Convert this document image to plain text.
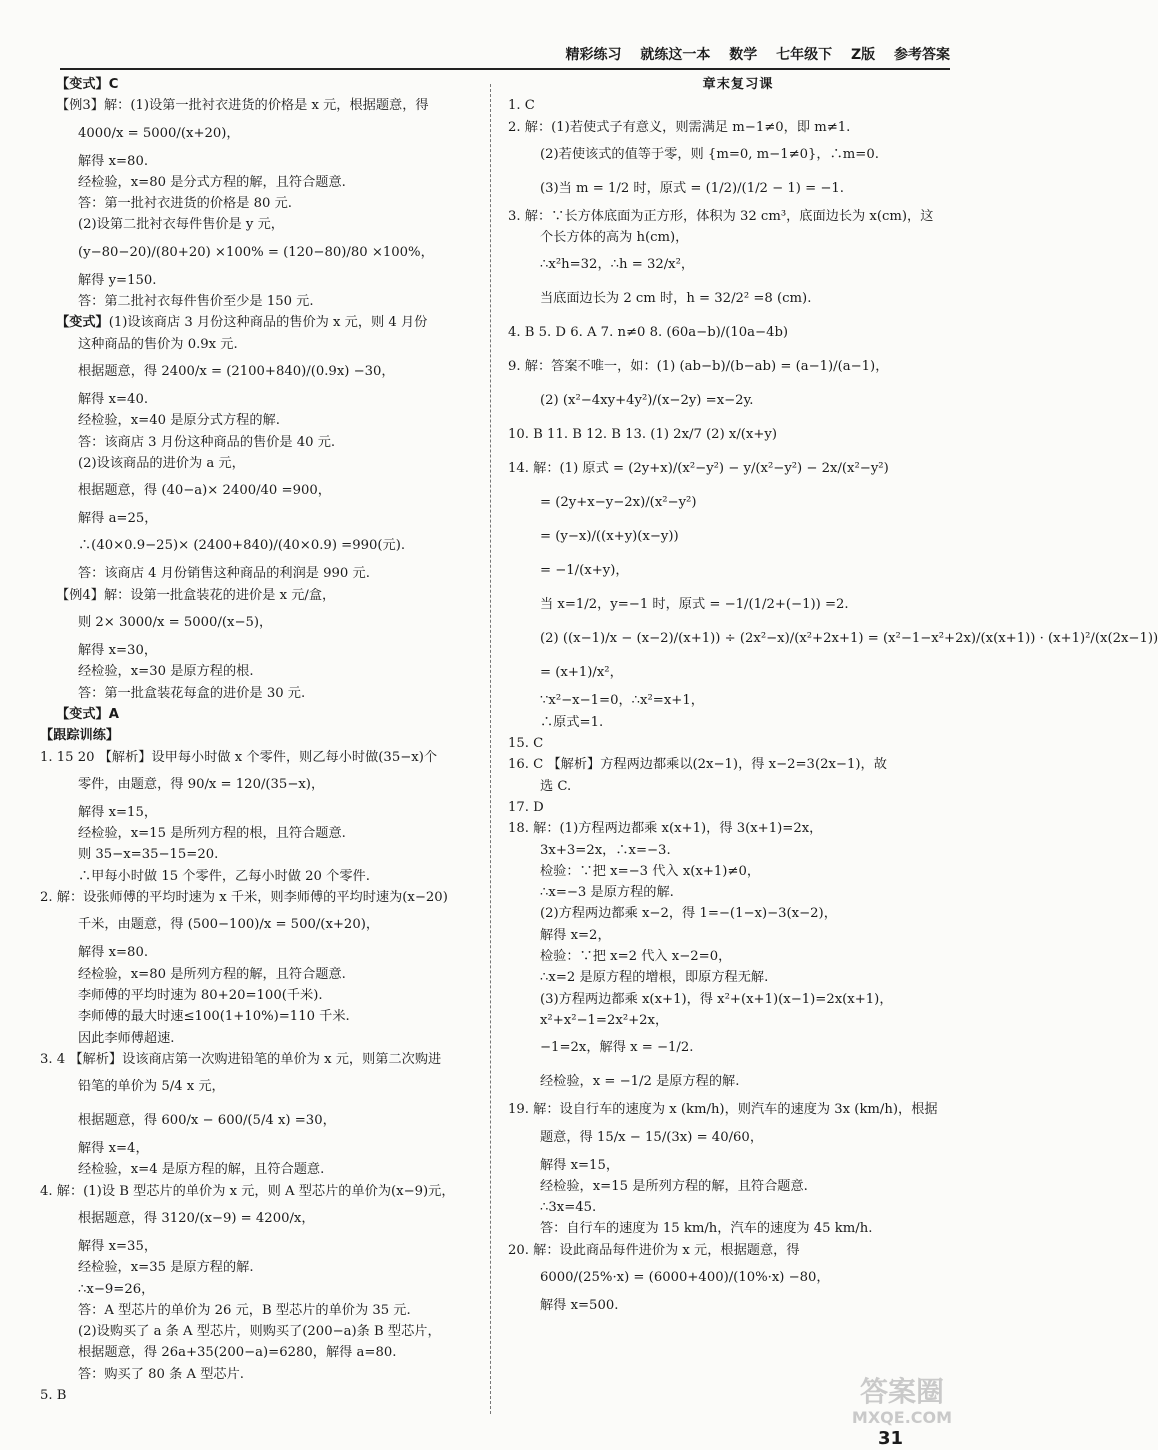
精彩练习 就练这一本 数学 七年级下 Z版 参考答案
【变式】C
【例3】解：(1)设第一批衬衣进货的价格是 x 元，根据题意，得
4000/x = 5000/(x+20)，
解得 x=80.
经检验，x=80 是分式方程的解，且符合题意.
答：第一批衬衣进货的价格是 80 元.
(2)设第二批衬衣每件售价是 y 元，
(y−80−20)/(80+20) ×100% = (120−80)/80 ×100%，
解得 y=150.
答：第二批衬衣每件售价至少是 150 元.
【变式】(1)设该商店 3 月份这种商品的售价为 x 元，则 4 月份
这种商品的售价为 0.9x 元.
根据题意，得 2400/x = (2100+840)/(0.9x) −30，
解得 x=40.
经检验，x=40 是原分式方程的解.
答：该商店 3 月份这种商品的售价是 40 元.
(2)设该商品的进价为 a 元，
根据题意，得 (40−a)× 2400/40 =900，
解得 a=25，
∴(40×0.9−25)× (2400+840)/(40×0.9) =990(元).
答：该商店 4 月份销售这种商品的利润是 990 元.
【例4】解：设第一批盒装花的进价是 x 元/盒，
则 2× 3000/x = 5000/(x−5)，
解得 x=30，
经检验，x=30 是原方程的根.
答：第一批盒装花每盒的进价是 30 元.
【变式】A
【跟踪训练】
1. 15 20 【解析】设甲每小时做 x 个零件，则乙每小时做(35−x)个
零件，由题意，得 90/x = 120/(35−x)，
解得 x=15，
经检验，x=15 是所列方程的根，且符合题意.
则 35−x=35−15=20.
∴甲每小时做 15 个零件，乙每小时做 20 个零件.
2. 解：设张师傅的平均时速为 x 千米，则李师傅的平均时速为(x−20)
千米，由题意，得 (500−100)/x = 500/(x+20)，
解得 x=80.
经检验，x=80 是所列方程的解，且符合题意.
李师傅的平均时速为 80+20=100(千米).
李师傅的最大时速≤100(1+10%)=110 千米.
因此李师傅超速.
3. 4 【解析】设该商店第一次购进铅笔的单价为 x 元，则第二次购进
铅笔的单价为 5/4 x 元，
根据题意，得 600/x − 600/(5/4 x) =30，
解得 x=4，
经检验，x=4 是原方程的解，且符合题意.
4. 解：(1)设 B 型芯片的单价为 x 元，则 A 型芯片的单价为(x−9)元，
根据题意，得 3120/(x−9) = 4200/x，
解得 x=35，
经检验，x=35 是原方程的解.
∴x−9=26，
答：A 型芯片的单价为 26 元，B 型芯片的单价为 35 元.
(2)设购买了 a 条 A 型芯片，则购买了(200−a)条 B 型芯片，
根据题意，得 26a+35(200−a)=6280，解得 a=80.
答：购买了 80 条 A 型芯片.
5. B
章末复习课
1. C
2. 解：(1)若使式子有意义，则需满足 m−1≠0，即 m≠1.
(2)若使该式的值等于零，则 {m=0, m−1≠0}，∴m=0.
(3)当 m = 1/2 时，原式 = (1/2)/(1/2 − 1) = −1.
3. 解：∵长方体底面为正方形，体积为 32 cm³，底面边长为 x(cm)，这
个长方体的高为 h(cm)，
∴x²h=32，∴h = 32/x²，
当底面边长为 2 cm 时，h = 32/2² =8 (cm).
4. B 5. D 6. A 7. n≠0 8. (60a−b)/(10a−4b)
9. 解：答案不唯一，如：(1) (ab−b)/(b−ab) = (a−1)/(a−1)，
(2) (x²−4xy+4y²)/(x−2y) =x−2y.
10. B 11. B 12. B 13. (1) 2x/7 (2) x/(x+y)
14. 解：(1) 原式 = (2y+x)/(x²−y²) − y/(x²−y²) − 2x/(x²−y²)
= (2y+x−y−2x)/(x²−y²)
= (y−x)/((x+y)(x−y))
= −1/(x+y)，
当 x=1/2，y=−1 时，原式 = −1/(1/2+(−1)) =2.
(2) ((x−1)/x − (x−2)/(x+1)) ÷ (2x²−x)/(x²+2x+1) = (x²−1−x²+2x)/(x(x+1)) · (x+1)²/(x(2x−1))
= (x+1)/x²，
∵x²−x−1=0，∴x²=x+1，
∴原式=1.
15. C
16. C 【解析】方程两边都乘以(2x−1)，得 x−2=3(2x−1)，故
选 C.
17. D
18. 解：(1)方程两边都乘 x(x+1)，得 3(x+1)=2x，
3x+3=2x，∴x=−3.
检验：∵把 x=−3 代入 x(x+1)≠0，
∴x=−3 是原方程的解.
(2)方程两边都乘 x−2，得 1=−(1−x)−3(x−2)，
解得 x=2，
检验：∵把 x=2 代入 x−2=0，
∴x=2 是原方程的增根，即原方程无解.
(3)方程两边都乘 x(x+1)，得 x²+(x+1)(x−1)=2x(x+1)，
x²+x²−1=2x²+2x，
−1=2x，解得 x = −1/2.
经检验，x = −1/2 是原方程的解.
19. 解：设自行车的速度为 x (km/h)，则汽车的速度为 3x (km/h)，根据
题意，得 15/x − 15/(3x) = 40/60，
解得 x=15，
经检验，x=15 是所列方程的解，且符合题意.
∴3x=45.
答：自行车的速度为 15 km/h，汽车的速度为 45 km/h.
20. 解：设此商品每件进价为 x 元，根据题意，得
6000/(25%·x) = (6000+400)/(10%·x) −80，
解得 x=500.
答案圈
MXQE.COM
31
